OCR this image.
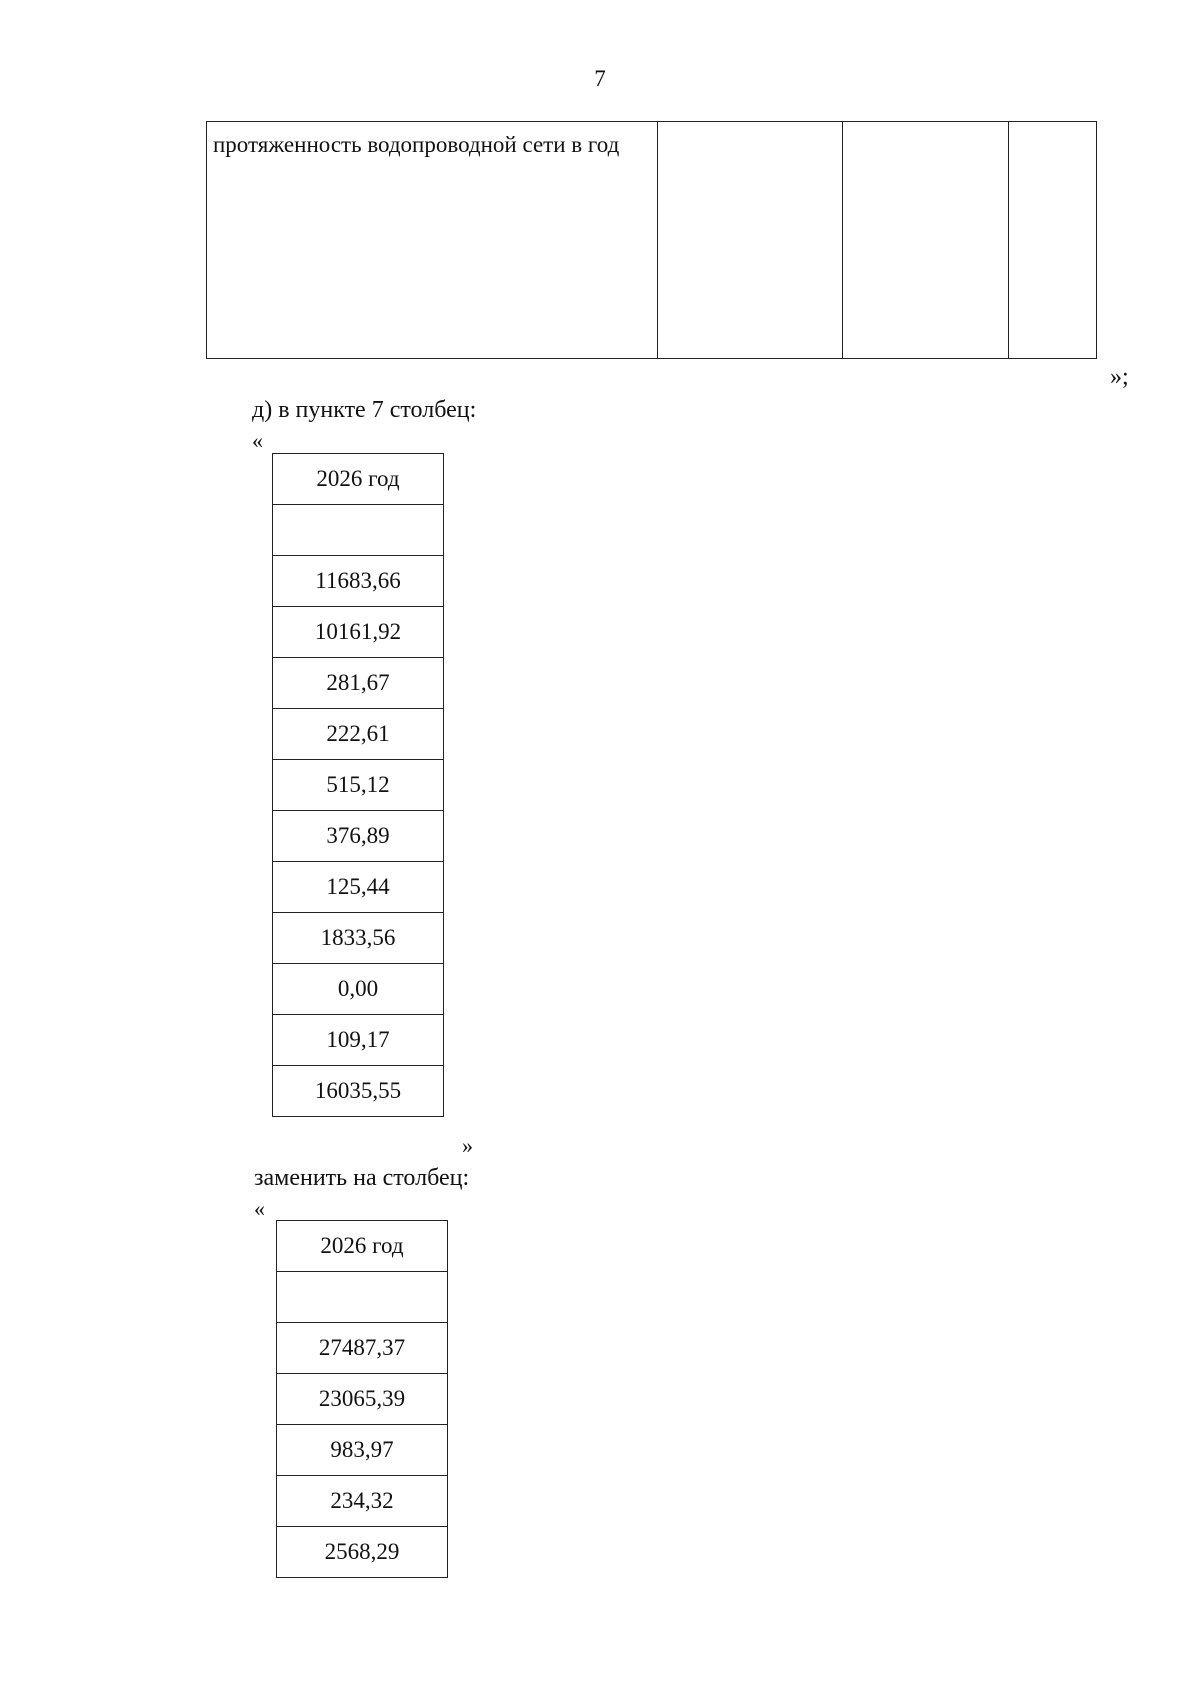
7
протяженность водопроводной сети в год			
»;
д) в пункте 7 столбец:
«
2026 год

11683,66
10161,92
281,67
222,61
515,12
376,89
125,44
1833,56
0,00
109,17
16035,55
»
заменить на столбец:
«
2026 год

27487,37
23065,39
983,97
234,32
2568,29
